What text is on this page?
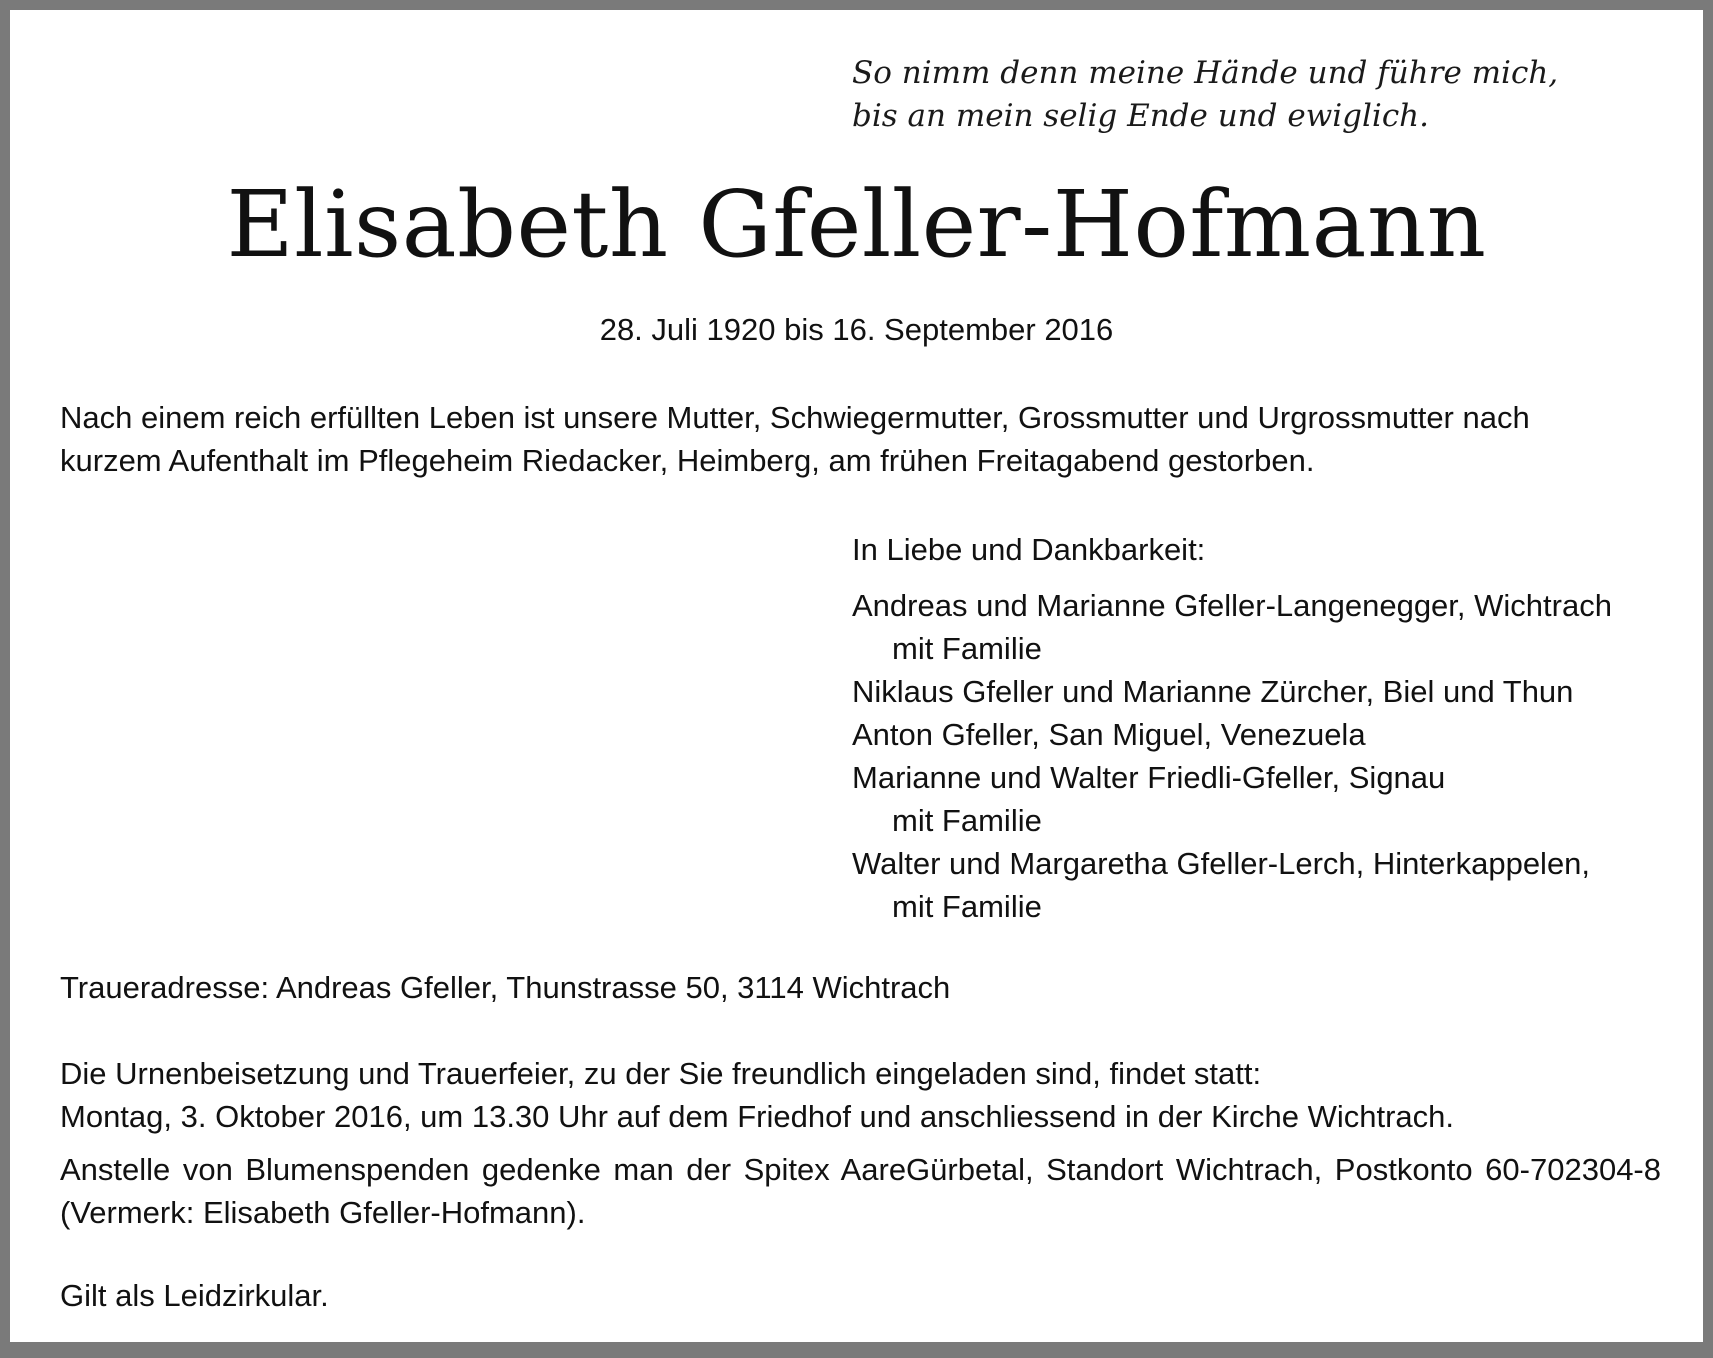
So nimm denn meine Hände und führe mich,
bis an mein selig Ende und ewiglich.
Elisabeth Gfeller-Hofmann
28. Juli 1920 bis 16. September 2016
Nach einem reich erfüllten Leben ist unsere Mutter, Schwiegermutter, Grossmutter und Urgrossmutter nach
kurzem Aufenthalt im Pflegeheim Riedacker, Heimberg, am frühen Freitagabend gestorben.
In Liebe und Dankbarkeit:
Andreas und Marianne Gfeller-Langenegger, Wichtrach
mit Familie
Niklaus Gfeller und Marianne Zürcher, Biel und Thun
Anton Gfeller, San Miguel, Venezuela
Marianne und Walter Friedli-Gfeller, Signau
mit Familie
Walter und Margaretha Gfeller-Lerch, Hinterkappelen,
mit Familie
Traueradresse: Andreas Gfeller, Thunstrasse 50, 3114 Wichtrach
Die Urnenbeisetzung und Trauerfeier, zu der Sie freundlich eingeladen sind, findet statt:
Montag, 3. Oktober 2016, um 13.30 Uhr auf dem Friedhof und anschliessend in der Kirche Wichtrach.
Anstelle von Blumenspenden gedenke man der Spitex AareGürbetal, Standort Wichtrach, Postkonto 60-702304-8 (Vermerk: Elisabeth Gfeller-Hofmann).
Gilt als Leidzirkular.
